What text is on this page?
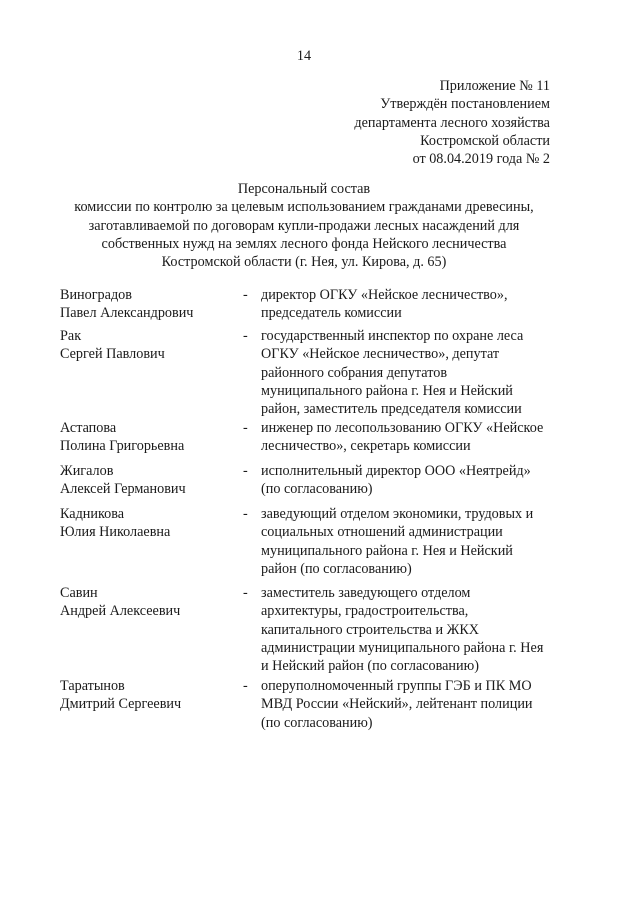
14
Приложение № 11
Утверждён постановлением
департамента лесного хозяйства
Костромской области
от 08.04.2019 года № 2
Персональный состав
комиссии по контролю за целевым использованием гражданами древесины,
заготавливаемой по договорам купли-продажи лесных насаждений для
собственных нужд на землях лесного фонда Нейского лесничества
Костромской области (г. Нея, ул. Кирова, д. 65)
Виноградов
Павел Александрович
- директор ОГКУ «Нейское лесничество»,
председатель комиссии
Рак
Сергей Павлович
- государственный инспектор по охране леса
ОГКУ «Нейское лесничество», депутат
районного собрания депутатов
муниципального района г. Нея и Нейский
район, заместитель председателя комиссии
Астапова
Полина Григорьевна
- инженер по лесопользованию ОГКУ «Нейское
лесничество», секретарь комиссии
Жигалов
Алексей Германович
- исполнительный директор ООО «Неятрейд»
(по согласованию)
Кадникова
Юлия Николаевна
- заведующий отделом экономики, трудовых и
социальных отношений администрации
муниципального района г. Нея и Нейский
район (по согласованию)
Савин
Андрей Алексеевич
- заместитель заведующего отделом
архитектуры, градостроительства,
капитального строительства и ЖКХ
администрации муниципального района г. Нея
и Нейский район (по согласованию)
Таратынов
Дмитрий Сергеевич
- оперуполномоченный группы ГЭБ и ПК МО
МВД России «Нейский», лейтенант полиции
(по согласованию)
